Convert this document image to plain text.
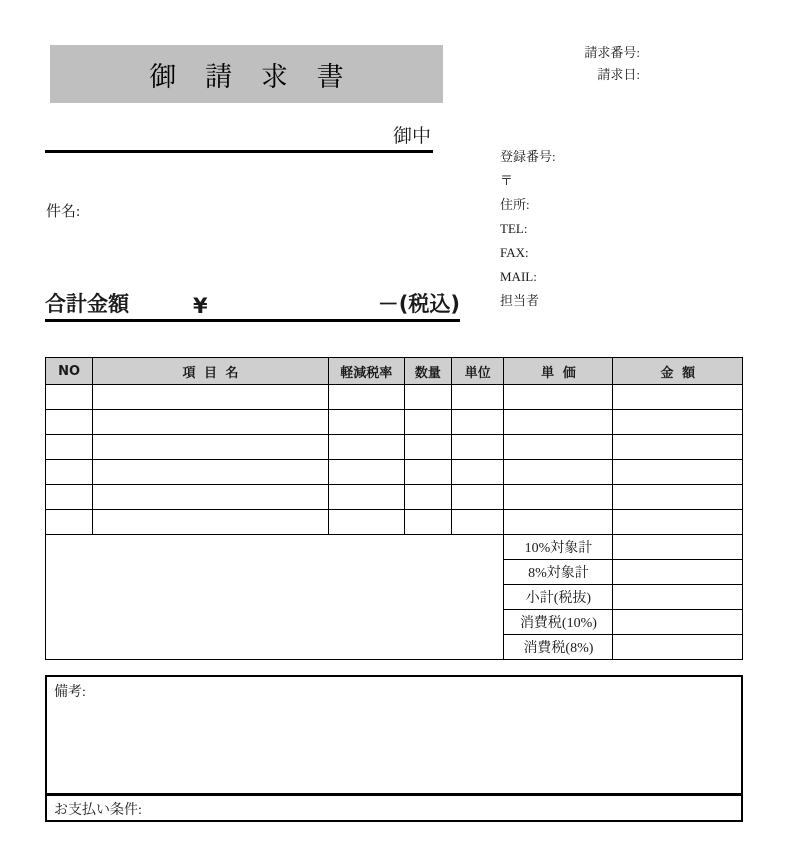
御 請 求 書
請求番号:
請求日:
御中
登録番号:
〒
住所:
TEL:
FAX:
MAIL:
担当者
件名:
合計金額	¥	－(税込)
NO	項 目 名	軽減税率	数量	単位	単 価	金 額

					10%対象計	
					8%対象計	
					小計(税抜)	
					消費税(10%)	
					消費税(8%)	
備考:
お支払い条件:
